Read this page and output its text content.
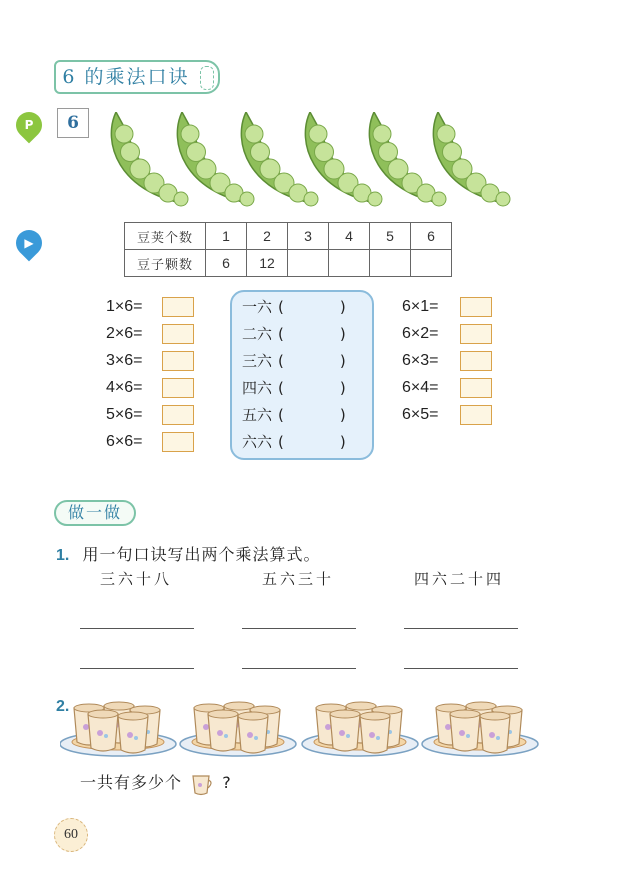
6 的乘法口诀
P	6
▶	豆荚个数	1	2	3	4	5	6
豆子颗数	6	12				
1×6=
2×6=
3×6=
4×6=
5×6=
6×6=
一六 (	)
二六 (	)
三六 (	)
四六 (	)
五六 (	)
六六 (	)
6×1=
6×2=
6×3=
6×4=
6×5=
做一做
1. 用一句口诀写出两个乘法算式。
三六十八	五六三十	四六二十四
2.
一共有多少个	?
60
